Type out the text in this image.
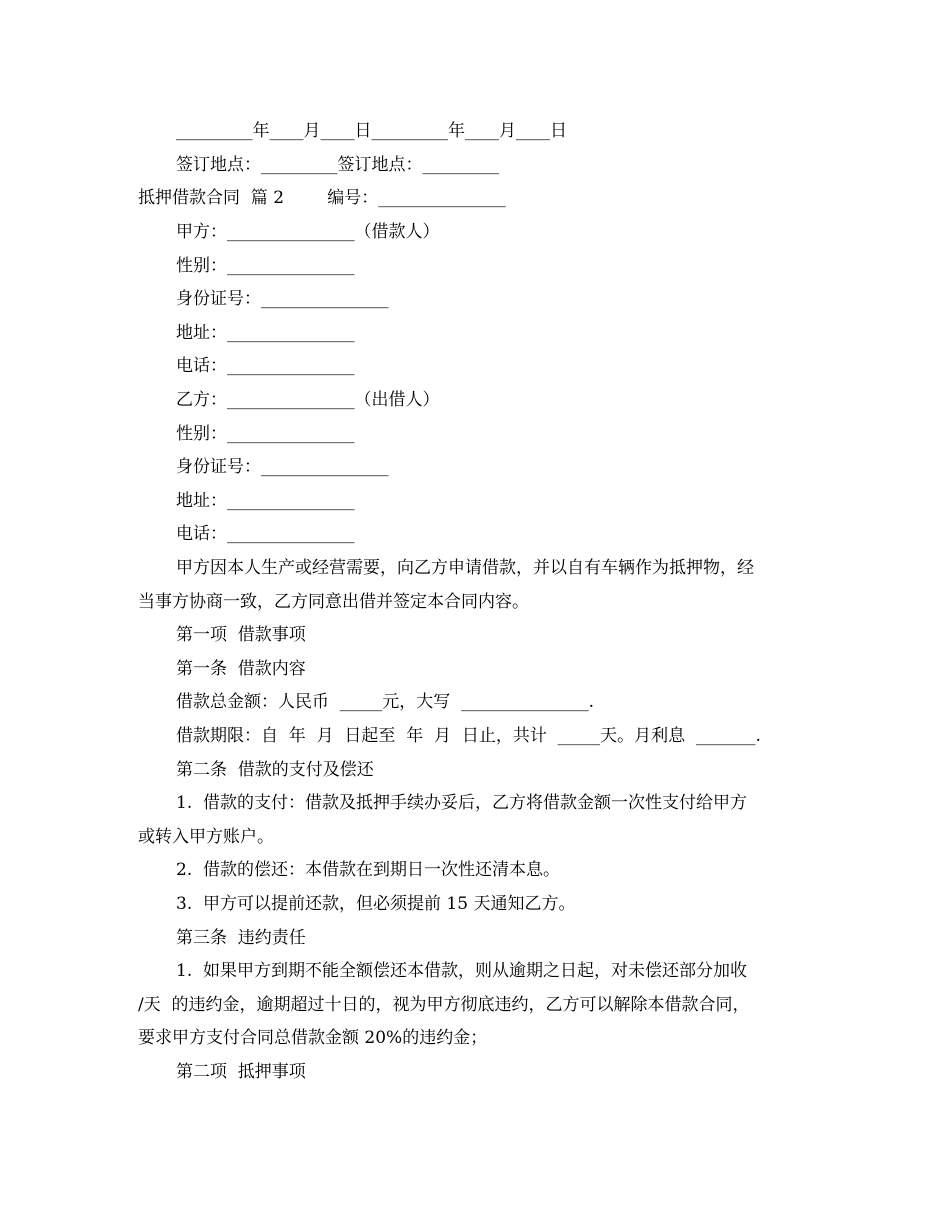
_________年____月____日_________年____月____日
签订地点：_________签订地点：_________
抵押借款合同  篇 2        编号：_______________
甲方：_______________（借款人）
性别：_______________
身份证号：_______________
地址：_______________
电话：_______________
乙方：_______________（出借人）
性别：_______________
身份证号：_______________
地址：_______________
电话：_______________
甲方因本人生产或经营需要，向乙方申请借款，并以自有车辆作为抵押物，经
当事方协商一致，乙方同意出借并签定本合同内容。
第一项  借款事项
第一条  借款内容
借款总金额：人民币  _____元，大写  _______________.
借款期限：自  年  月  日起至  年  月  日止，共计  _____天。月利息  _______.
第二条  借款的支付及偿还
1.  借款的支付：借款及抵押手续办妥后，乙方将借款金额一次性支付给甲方
或转入甲方账户。
2.  借款的偿还：本借款在到期日一次性还清本息。
3.  甲方可以提前还款，但必须提前 15 天通知乙方。
第三条  违约责任
1.  如果甲方到期不能全额偿还本借款，则从逾期之日起，对未偿还部分加收
/天  的违约金，逾期超过十日的，视为甲方彻底违约，乙方可以解除本借款合同，
要求甲方支付合同总借款金额 20%的违约金；
第二项  抵押事项
